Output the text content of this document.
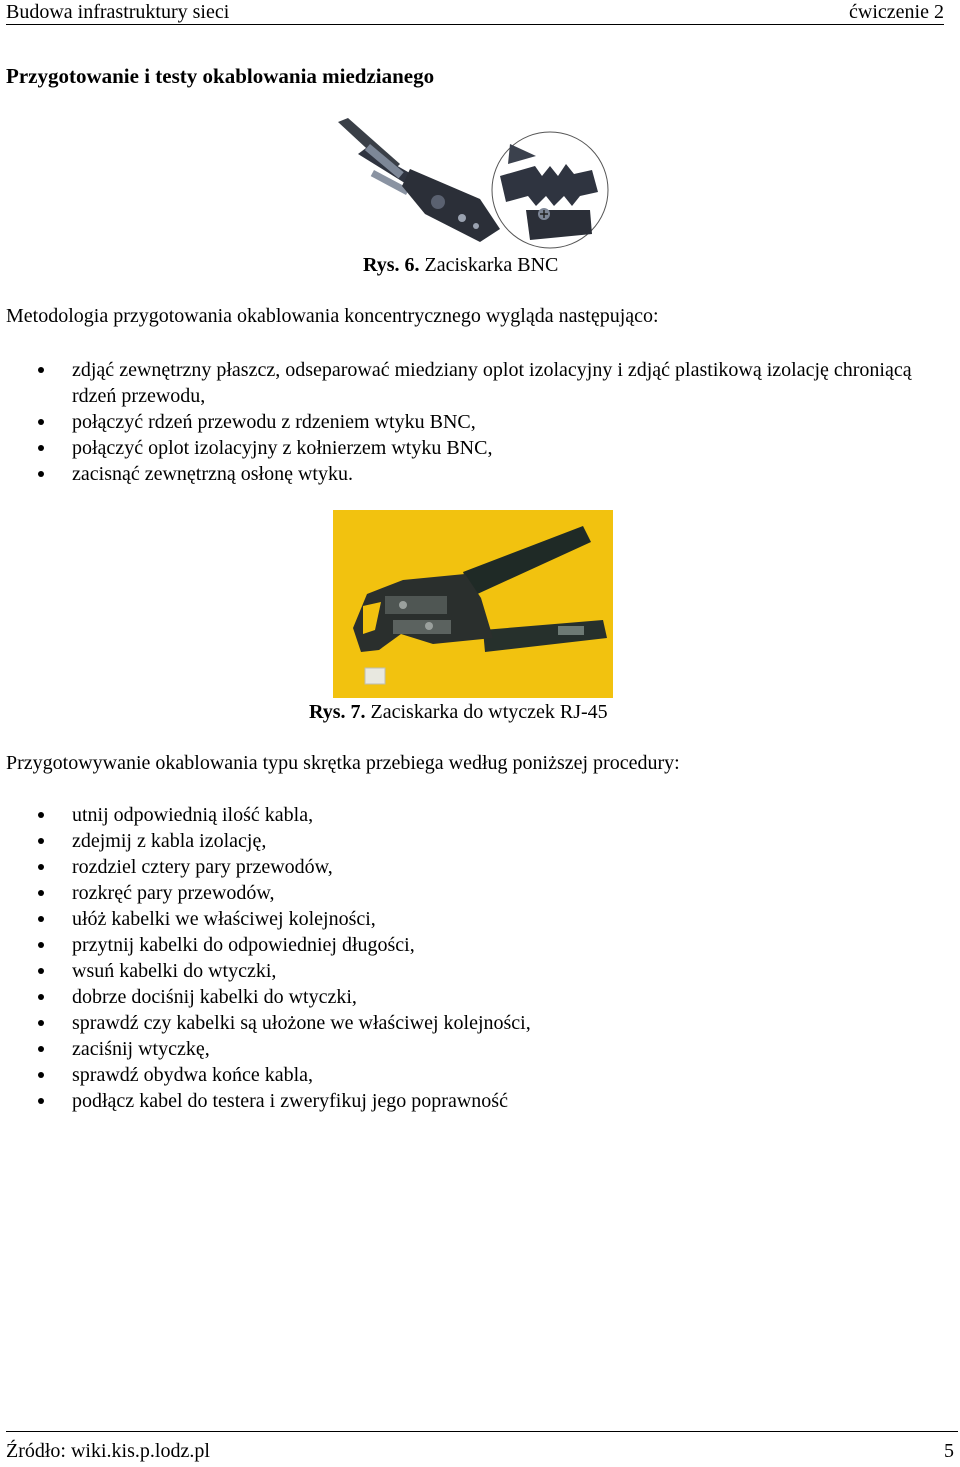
Budowa infrastruktury sieci	ćwiczenie 2
Przygotowanie i testy okablowania miedzianego
Rys. 6. Zaciskarka BNC
Metodologia przygotowania okablowania koncentrycznego wygląda następująco:
zdjąć zewnętrzny płaszcz, odseparować miedziany oplot izolacyjny i zdjąć plastikową izolację chroniącą rdzeń przewodu,
połączyć rdzeń przewodu z rdzeniem wtyku BNC,
połączyć oplot izolacyjny z kołnierzem wtyku BNC,
zacisnąć zewnętrzną osłonę wtyku.
Rys. 7. Zaciskarka do wtyczek RJ-45
Przygotowywanie okablowania typu skrętka przebiega według poniższej procedury:
utnij odpowiednią ilość kabla,
zdejmij z kabla izolację,
rozdziel cztery pary przewodów,
rozkręć pary przewodów,
ułóż kabelki we właściwej kolejności,
przytnij kabelki do odpowiedniej długości,
wsuń kabelki do wtyczki,
dobrze dociśnij kabelki do wtyczki,
sprawdź czy kabelki są ułożone we właściwej kolejności,
zaciśnij wtyczkę,
sprawdź obydwa końce kabla,
podłącz kabel do testera i zweryfikuj jego poprawność
Źródło: wiki.kis.p.lodz.pl	5
